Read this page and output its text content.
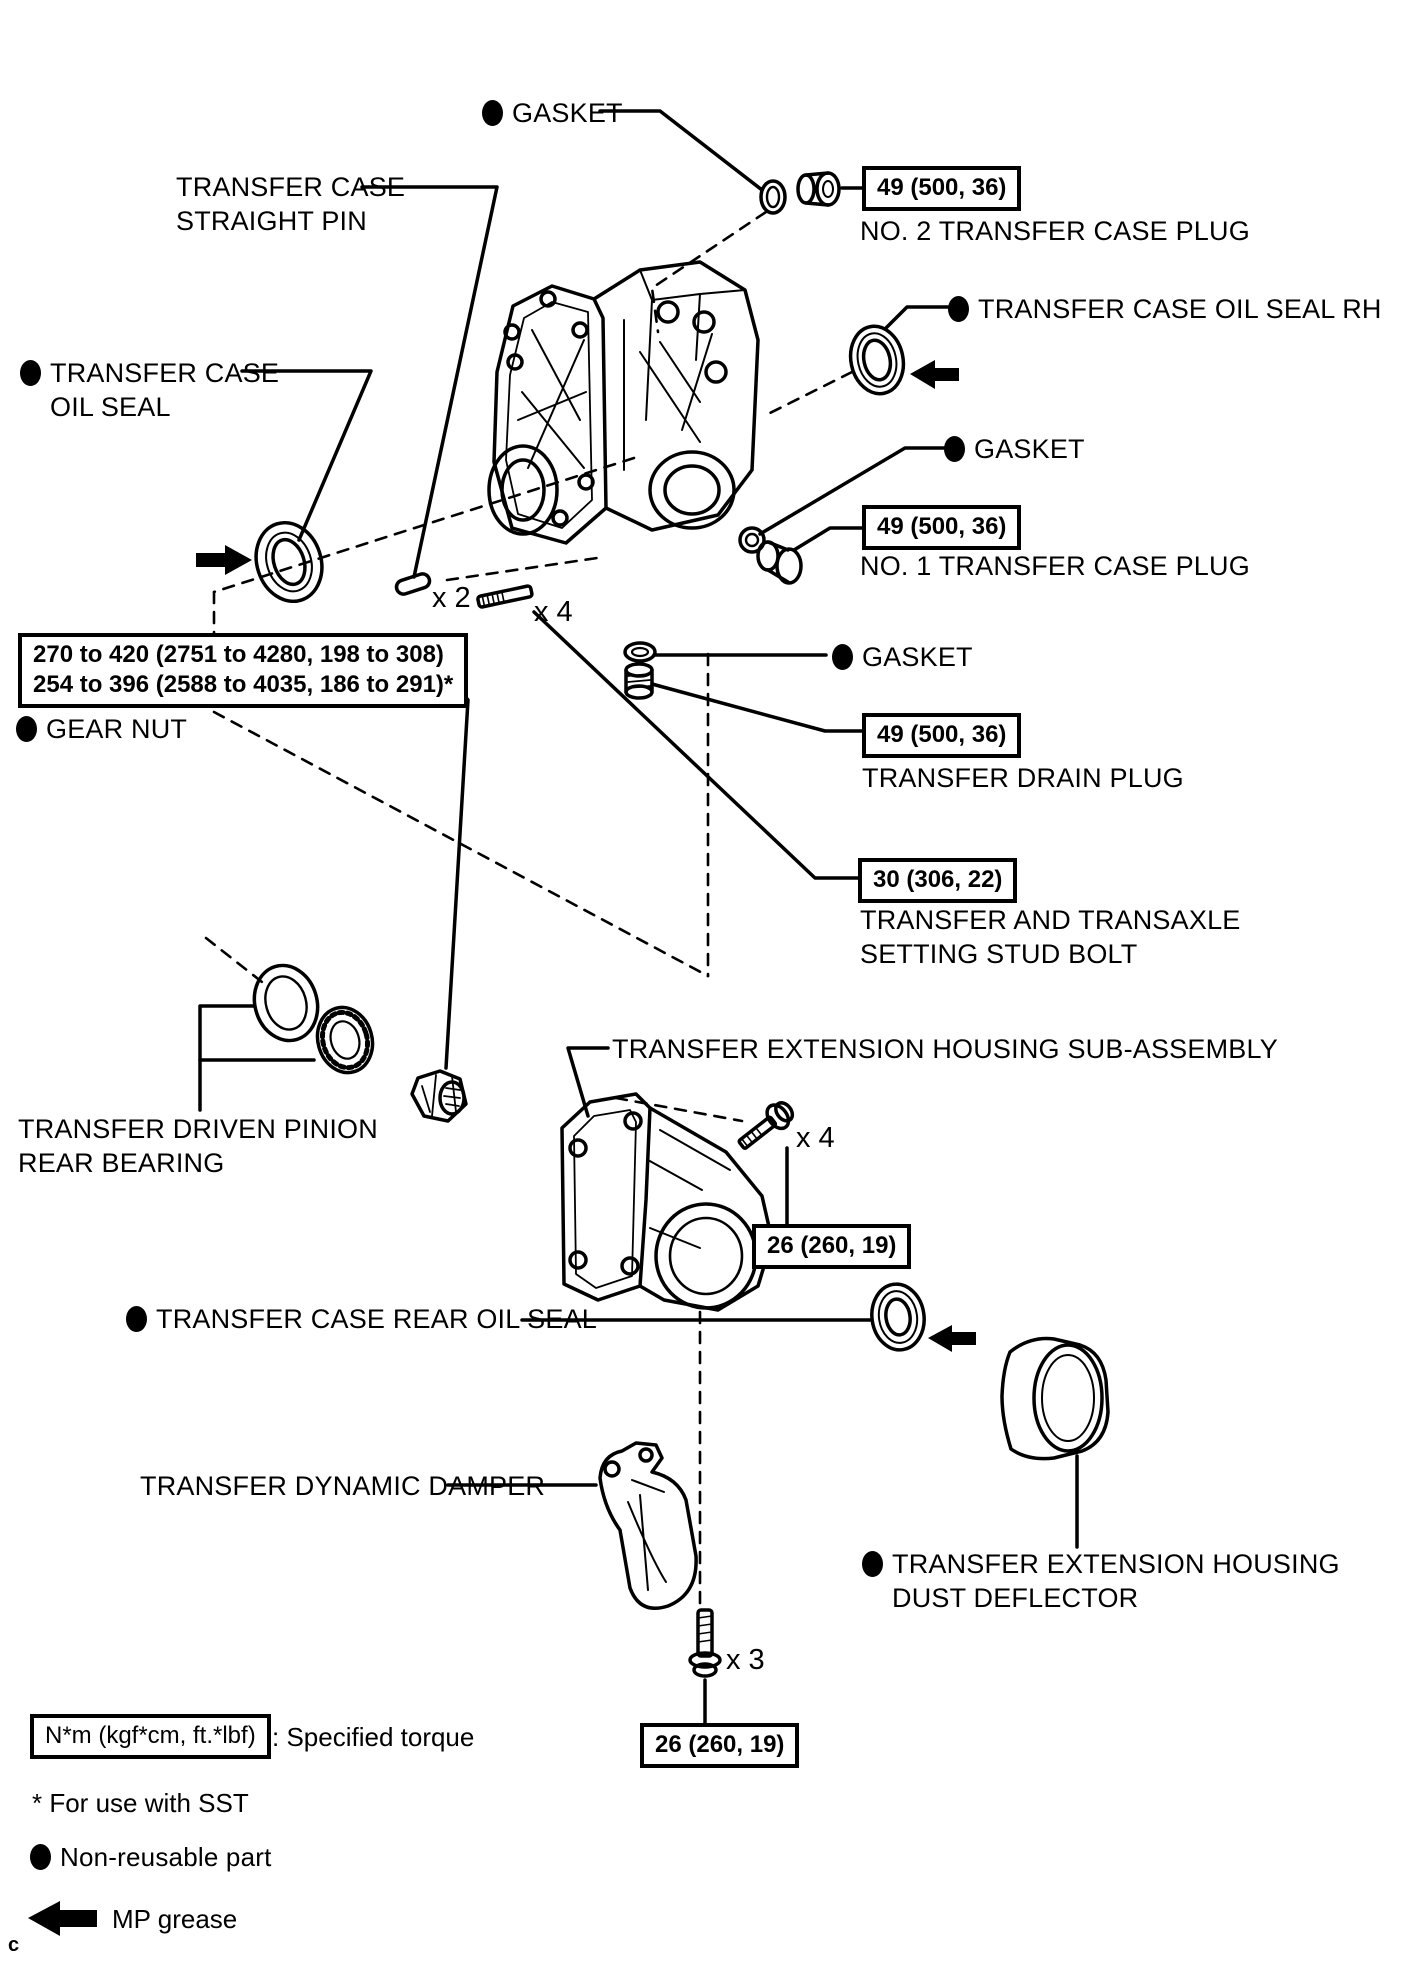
GASKET
49 (500, 36)
NO. 2 TRANSFER CASE PLUG
TRANSFER CASE OIL SEAL RH
GASKET
49 (500, 36)
NO. 1 TRANSFER CASE PLUG
GASKET
49 (500, 36)
TRANSFER DRAIN PLUG
30 (306, 22)
TRANSFER AND TRANSAXLE
SETTING STUD BOLT
TRANSFER CASE
STRAIGHT PIN
TRANSFER CASE
OIL SEAL
270 to 420 (2751 to 4280, 198 to 308)
254 to 396 (2588 to 4035, 186 to 291)*
GEAR NUT
x 2 x 4
TRANSFER DRIVEN PINION
REAR BEARING
TRANSFER EXTENSION HOUSING SUB-ASSEMBLY
x 4
26 (260, 19)
TRANSFER CASE REAR OIL SEAL
TRANSFER DYNAMIC DAMPER
TRANSFER EXTENSION HOUSING
DUST DEFLECTOR
x 3
26 (260, 19)
N*m (kgf*cm, ft.*lbf) : Specified torque
* For use with SST
Non-reusable part
MP grease
c
